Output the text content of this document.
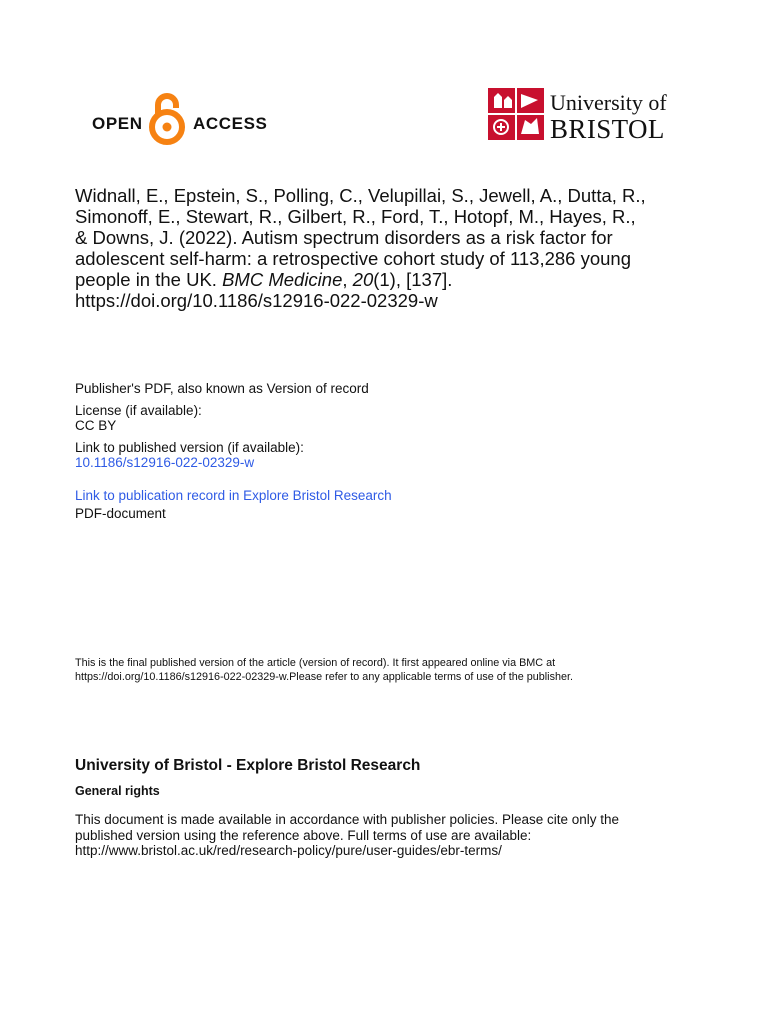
OPEN	ACCESS
University of
BRISTOL
Widnall, E., Epstein, S., Polling, C., Velupillai, S., Jewell, A., Dutta, R.,
Simonoff, E., Stewart, R., Gilbert, R., Ford, T., Hotopf, M., Hayes, R.,
& Downs, J. (2022). Autism spectrum disorders as a risk factor for
adolescent self-harm: a retrospective cohort study of 113,286 young
people in the UK. BMC Medicine, 20(1), [137].
https://doi.org/10.1186/s12916-022-02329-w
Publisher's PDF, also known as Version of record
License (if available):
CC BY
Link to published version (if available):
10.1186/s12916-022-02329-w
Link to publication record in Explore Bristol Research
PDF-document
This is the final published version of the article (version of record). It first appeared online via BMC at
https://doi.org/10.1186/s12916-022-02329-w.Please refer to any applicable terms of use of the publisher.
University of Bristol - Explore Bristol Research
General rights
This document is made available in accordance with publisher policies. Please cite only the
published version using the reference above. Full terms of use are available:
http://www.bristol.ac.uk/red/research-policy/pure/user-guides/ebr-terms/
